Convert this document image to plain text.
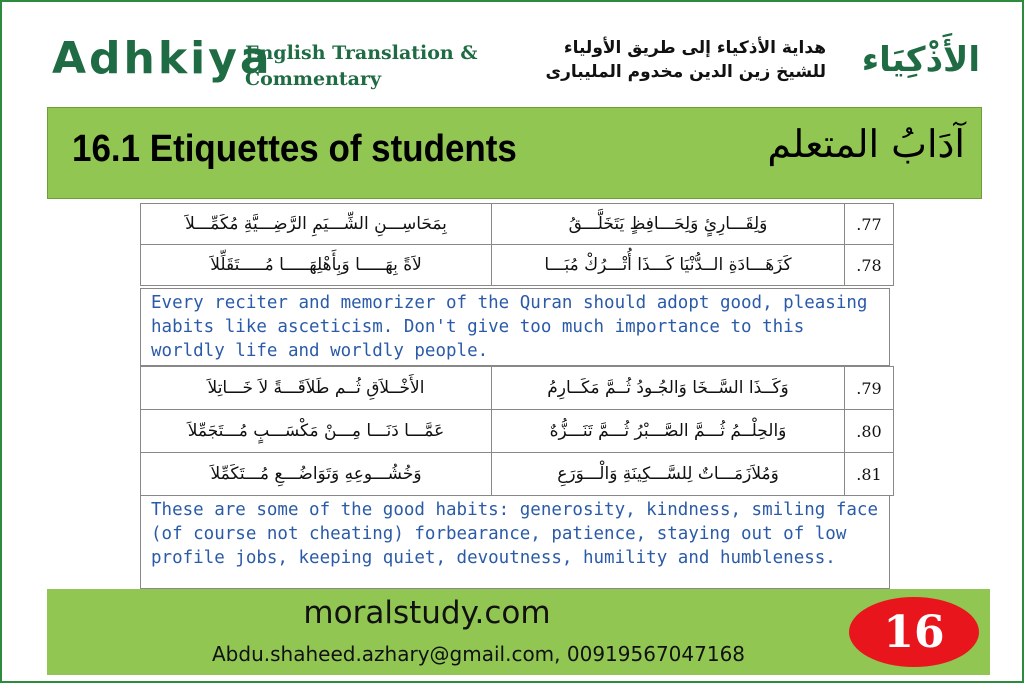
Adhkiya
English Translation &
Commentary
هداية الأذكياء إلى طريق الأولياء
للشيخ زين الدين مخدوم المليبارى الأَذْكِيَاء
16.1 Etiquettes of students	آدَابُ المتعلم
.77
وَلِقَـــارِئٍ وَلِحَـــافِظٍ يَتَخَلَّـــقُ
بِمَحَاسِـــنِ الشِّـــيَمِ الرَّضِـــيَّةِ مُكَمِّـــلاَ
.78
كَزَهَـــادَةِ الــدُّنْيَا كَـــذَا أُتْـــرُكْ مُبَـــا
لاَةً بِهَـــــا وَبِأَهْلِهَـــــا مُـــــتَقَلِّلاَ
Every reciter and memorizer of the Quran should adopt good, pleasing habits like asceticism. Don't give too much importance to this worldly life and worldly people.
.79
وَكَــذَا السَّــخَا وَالجُـودُ ثُــمَّ مَكَــارِمُ
الأَخْــلاَقِ ثُــم طَلاَقَـــةً لاَ خَـــاتِلاَ
.80
وَالحِلْــمُ ثُـــمَّ الصَّـــبْرُ ثُـــمَّ تَنَـــزُّهٌ
عَمَّـــا دَنَـــا مِـــنْ مَكْسَـــبٍ مُـــتَجَمِّلاَ
.81
وَمُلاَزَمَـــاتٌ لِلسَّـــكِينَةِ وَالْـــوَرَعِ
وَخُشُـــوعِهِ وَتَوَاضُـــعِ مُـــتَكَمِّلاَ
These are some of the good habits: generosity, kindness, smiling face (of course not cheating) forbearance, patience, staying out of low profile jobs, keeping quiet, devoutness, humility and humbleness.
moralstudy.com
Abdu.shaheed.azhary@gmail.com, 00919567047168	16
